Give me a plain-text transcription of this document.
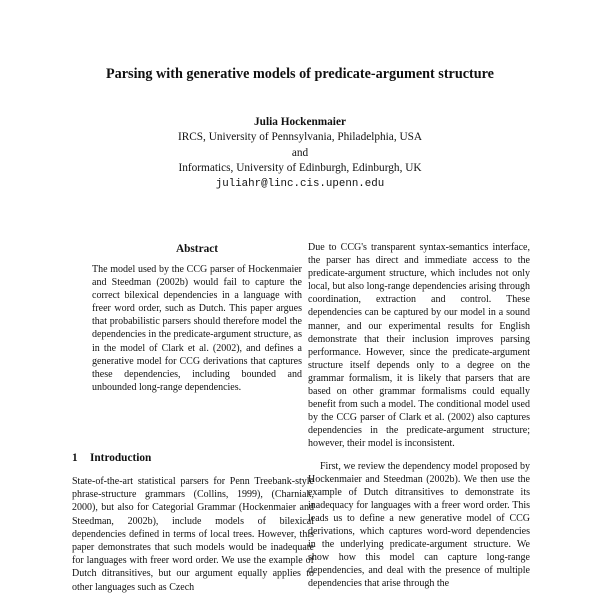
Parsing with generative models of predicate-argument structure
Julia Hockenmaier
IRCS, University of Pennsylvania, Philadelphia, USA
and
Informatics, University of Edinburgh, Edinburgh, UK
juliahr@linc.cis.upenn.edu
Abstract

The model used by the CCG parser of Hockenmaier and Steedman (2002b) would fail to capture the correct bilexical dependencies in a language with freer word order, such as Dutch. This paper argues that probabilistic parsers should therefore model the dependencies in the predicate-argument structure, as in the model of Clark et al. (2002), and defines a generative model for CCG derivations that captures these dependencies, including bounded and unbounded long-range dependencies.

1 Introduction

State-of-the-art statistical parsers for Penn Treebank-style phrase-structure grammars (Collins, 1999), (Charniak, 2000), but also for Categorial Grammar (Hockenmaier and Steedman, 2002b), include models of bilexical dependencies defined in terms of local trees. However, this paper demonstrates that such models would be inadequate for languages with freer word order. We use the example of Dutch ditransitives, but our argument equally applies to other languages such as Czech

Due to CCG's transparent syntax-semantics interface, the parser has direct and immediate access to the predicate-argument structure, which includes not only local, but also long-range dependencies arising through coordination, extraction and control. These dependencies can be captured by our model in a sound manner, and our experimental results for English demonstrate that their inclusion improves parsing performance. However, since the predicate-argument structure itself depends only to a degree on the grammar formalism, it is likely that parsers that are based on other grammar formalisms could equally benefit from such a model. The conditional model used by the CCG parser of Clark et al. (2002) also captures dependencies in the predicate-argument structure; however, their model is inconsistent.

First, we review the dependency model proposed by Hockenmaier and Steedman (2002b). We then use the example of Dutch ditransitives to demonstrate its inadequacy for languages with a freer word order. This leads us to define a new generative model of CCG derivations, which captures word-word dependencies in the underlying predicate-argument structure. We show how this model can capture long-range dependencies, and deal with the presence of multiple dependencies that arise through the
